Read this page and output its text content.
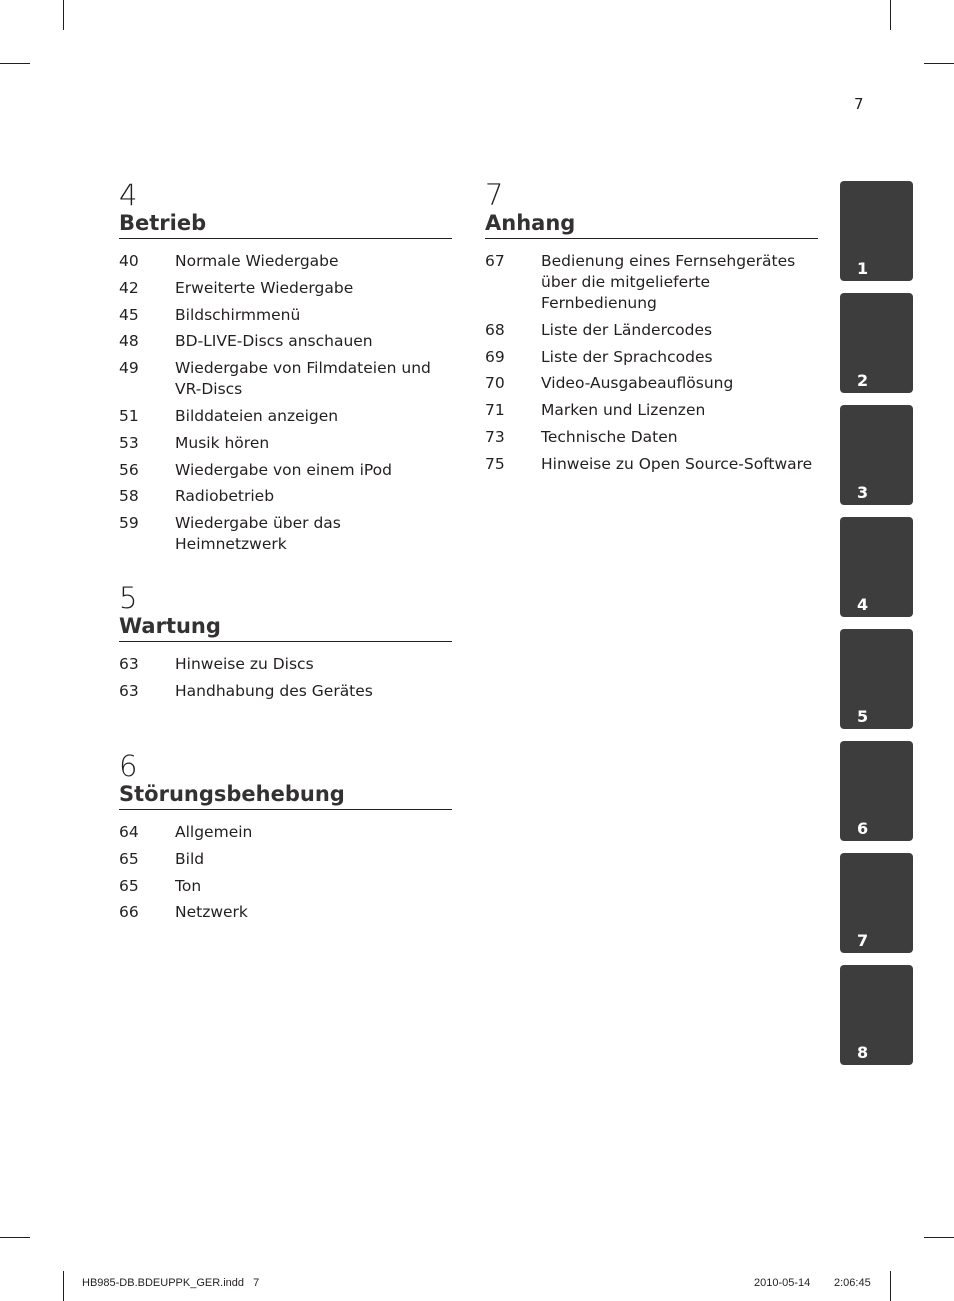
7
4
Betrieb
40	Normale Wiedergabe
42	Erweiterte Wiedergabe
45	Bildschirmmenü
48	BD-LIVE-Discs anschauen
49	Wiedergabe von Filmdateien und VR-Discs
51	Bilddateien anzeigen
53	Musik hören
56	Wiedergabe von einem iPod
58	Radiobetrieb
59	Wiedergabe über das Heimnetzwerk
5
Wartung
63	Hinweise zu Discs
63	Handhabung des Gerätes
6
Störungsbehebung
64	Allgemein
65	Bild
65	Ton
66	Netzwerk
7
Anhang
67	Bedienung eines Fernsehgerätes über die mitgelieferte Fernbedienung
68	Liste der Ländercodes
69	Liste der Sprachcodes
70	Video-Ausgabeauflösung
71	Marken und Lizenzen
73	Technische Daten
75	Hinweise zu Open Source-Software
1
2
3
4
5
6
7
8
HB985-DB.BDEUPPK_GER.indd   7	2010-05-14 2:06:45
